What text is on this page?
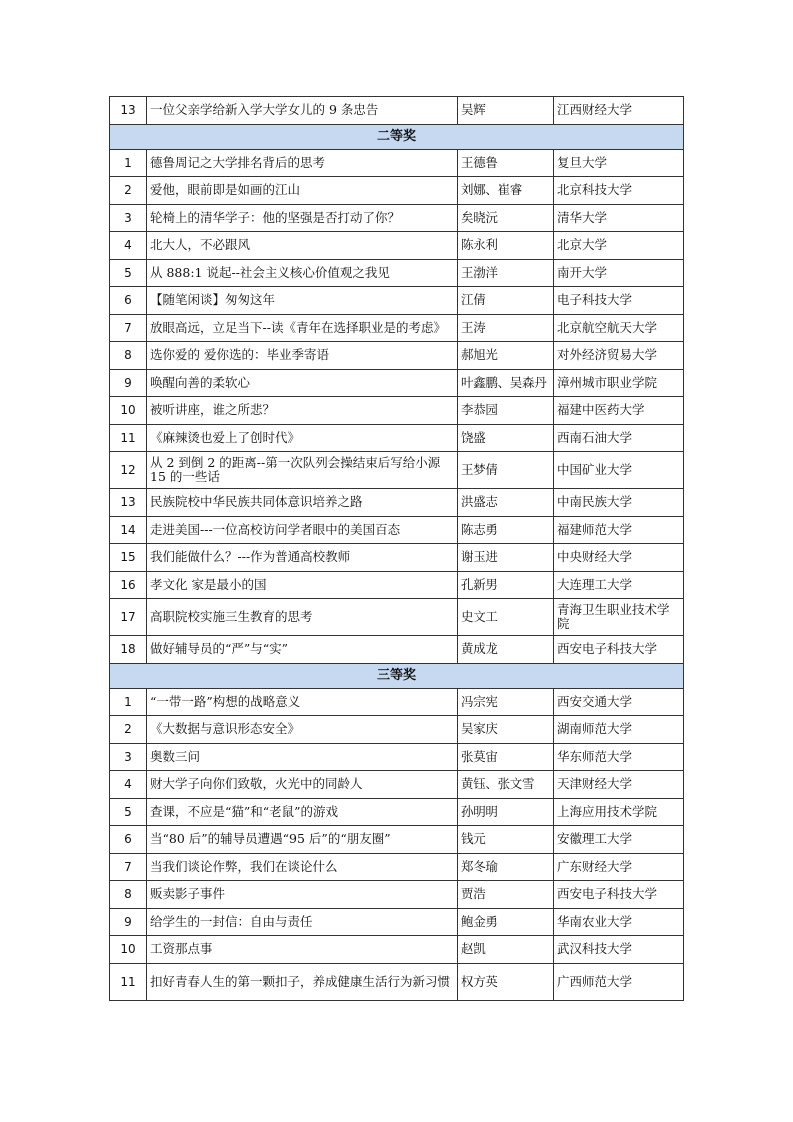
13	一位父亲学给新入学大学女儿的 9 条忠告	吴辉	江西财经大学
二等奖			
1	德鲁周记之大学排名背后的思考	王德鲁	复旦大学
2	爱他，眼前即是如画的江山	刘娜、崔睿	北京科技大学
3	轮椅上的清华学子：他的坚强是否打动了你？	矣晓沅	清华大学
4	北大人，不必跟风	陈永利	北京大学
5	从 888:1 说起--社会主义核心价值观之我见	王渤洋	南开大学
6	【随笔闲谈】匆匆这年	江倩	电子科技大学
7	放眼高远，立足当下--读《青年在选择职业是的考虑》	王涛	北京航空航天大学
8	选你爱的 爱你选的：毕业季寄语	郝旭光	对外经济贸易大学
9	唤醒向善的柔软心	叶鑫鹏、吴森丹	漳州城市职业学院
10	被听讲座，谁之所悲？	李恭园	福建中医药大学
11	《麻辣烫也爱上了创时代》	饶盛	西南石油大学
12	从 2 到倒 2 的距离--第一次队列会操结束后写给小源 15 的一些话	王梦倩	中国矿业大学
13	民族院校中华民族共同体意识培养之路	洪盛志	中南民族大学
14	走进美国---一位高校访问学者眼中的美国百态	陈志勇	福建师范大学
15	我们能做什么？---作为普通高校教师	谢玉进	中央财经大学
16	孝文化 家是最小的国	孔新男	大连理工大学
17	高职院校实施三生教育的思考	史文工	青海卫生职业技术学院
18	做好辅导员的“严”与“实”	黄成龙	西安电子科技大学
三等奖			
1	“一带一路”构想的战略意义	冯宗宪	西安交通大学
2	《大数据与意识形态安全》	吴家庆	湖南师范大学
3	奥数三问	张莫宙	华东师范大学
4	财大学子向你们致敬，火光中的同龄人	黄钰、张文雪	天津财经大学
5	查课，不应是“猫”和“老鼠”的游戏	孙明明	上海应用技术学院
6	当“80 后”的辅导员遭遇“95 后”的“朋友圈”	钱元	安徽理工大学
7	当我们谈论作弊，我们在谈论什么	郑冬瑜	广东财经大学
8	贩卖影子事件	贾浩	西安电子科技大学
9	给学生的一封信：自由与责任	鲍金勇	华南农业大学
10	工资那点事	赵凯	武汉科技大学
11	扣好青春人生的第一颗扣子，养成健康生活行为新习惯	权方英	广西师范大学
